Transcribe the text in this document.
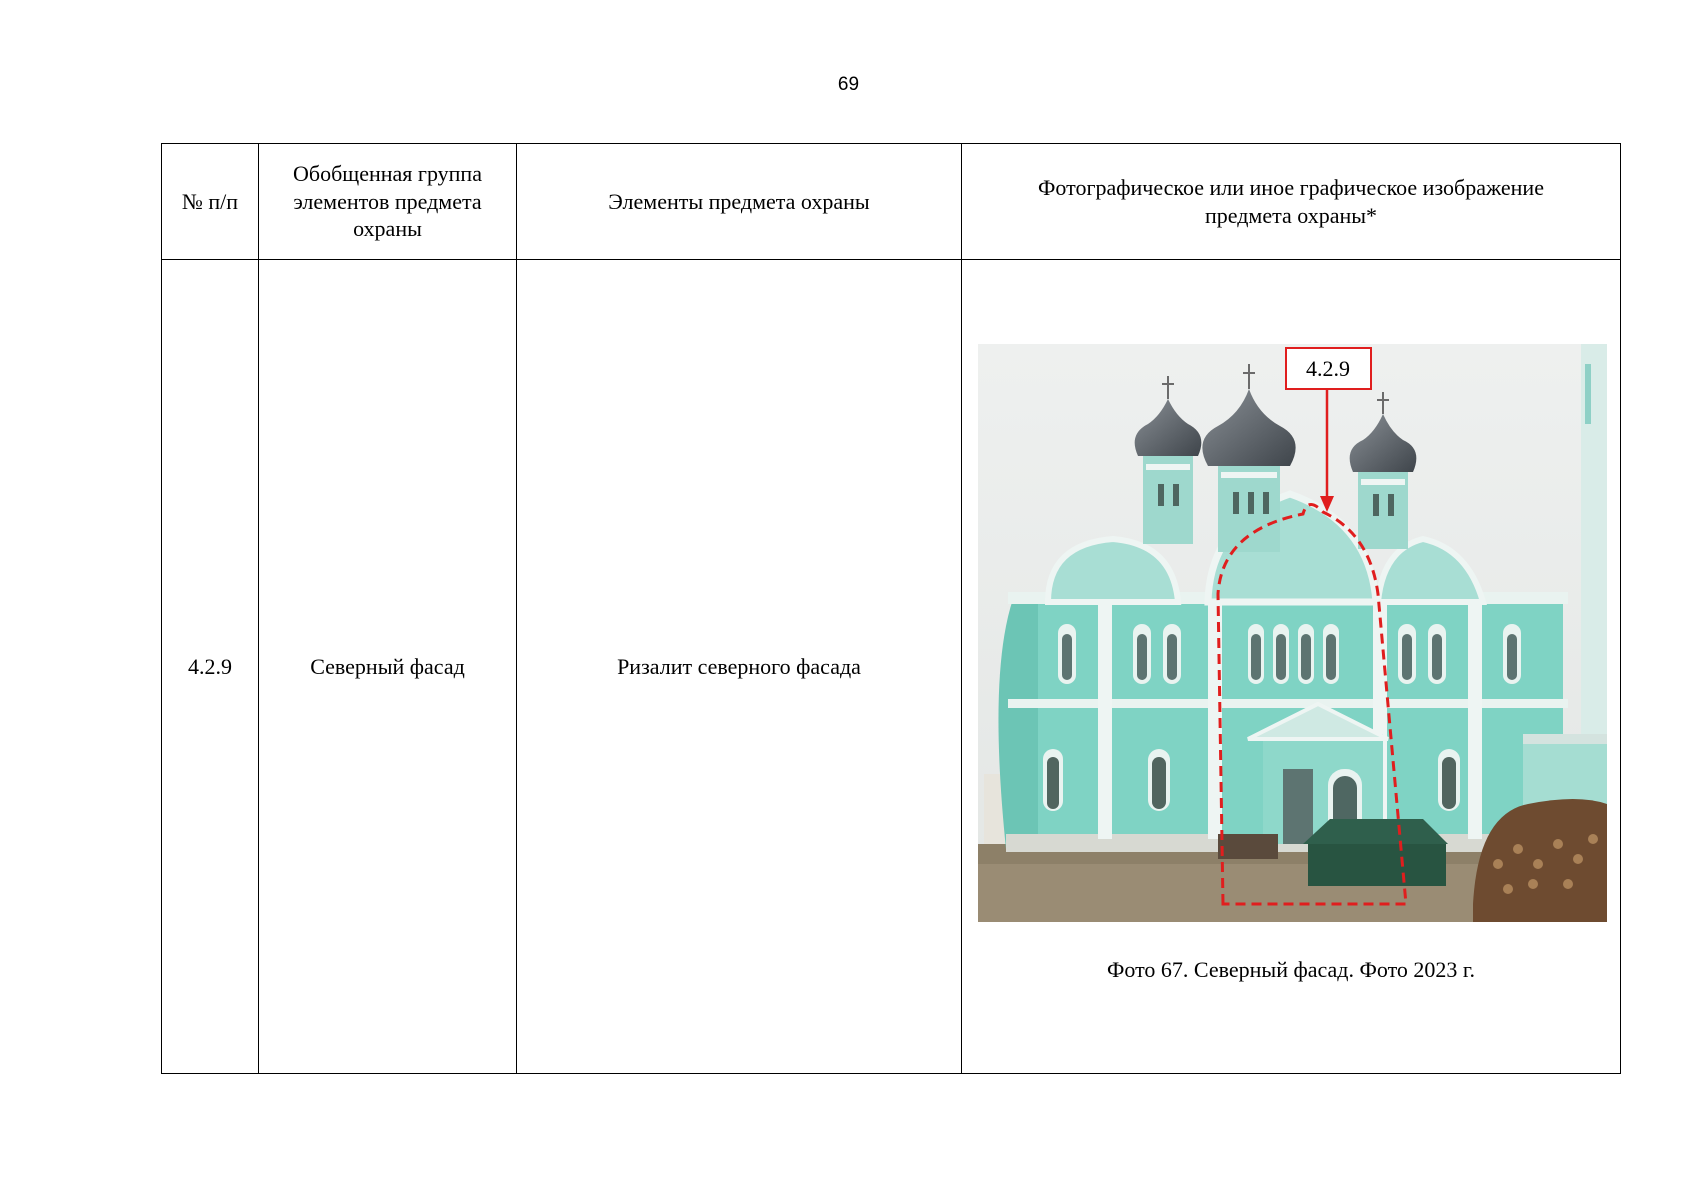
69
№ п/п	Обобщенная группа элементов предмета охраны	Элементы предмета охраны	Фотографическое или иное графическое изображение предмета охраны*
4.2.9	Северный фасад	Ризалит северного фасада	4.2.9
Фото 67. Северный фасад. Фото 2023 г.
